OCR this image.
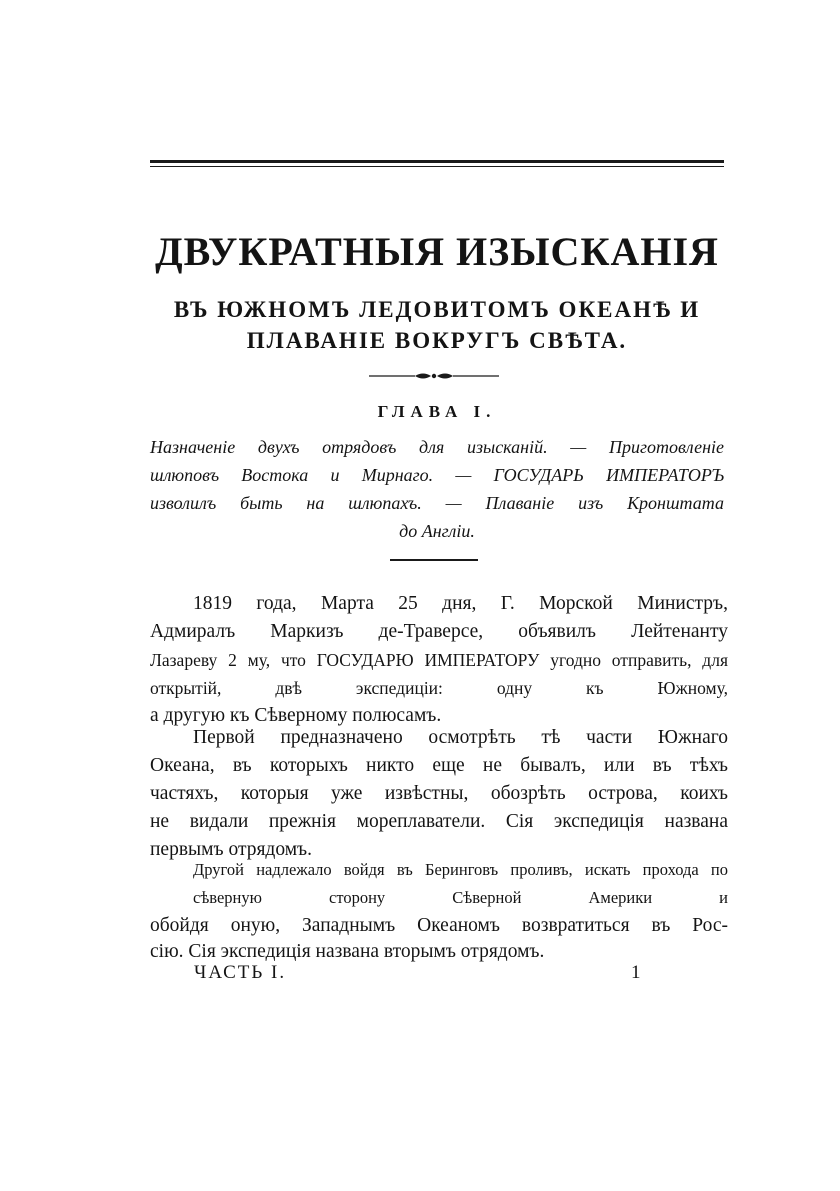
ДВУКРАТНЫЯ ИЗЫСКАНІЯ
ВЪ ЮЖНОМЪ ЛЕДОВИТОМЪ ОКЕАНѢ И
ПЛАВАНІЕ ВОКРУГЪ СВѢТА.
ГЛАВА I.
Назначеніе двухъ отрядовъ для изысканій. — Приготовленіе
шлюповъ Востока и Мирнаго. — ГОСУДАРЬ ИМПЕРАТОРЪ
изволилъ быть на шлюпахъ. — Плаваніе изъ Кронштата
до Англіи.
1819 года, Марта 25 дня, Г. Морской Министръ,
Адмиралъ Маркизъ де-Траверсе, объявилъ Лейтенанту
Лазареву 2 му, что ГОСУДАРЮ ИМПЕРАТОРУ угодно отправить, для открытій, двѣ экспедиціи: одну къ Южному,
а другую къ Сѣверному полюсамъ.
Первой предназначено осмотрѣть тѣ части Южнаго
Океана, въ которыхъ никто еще не бывалъ, или въ тѣхъ
частяхъ, которыя уже извѣстны, обозрѣть острова, коихъ
не видали прежнія мореплаватели. Сія экспедиція названа
первымъ отрядомъ.
Другой надлежало войдя въ Беринговъ проливъ, искать прохода по сѣверную сторону Сѣверной Америки и
обойдя оную, Западнымъ Океаномъ возвратиться въ Рос-
сію. Сія экспедиція названа вторымъ отрядомъ.
ЧАСТЬ I.	1
